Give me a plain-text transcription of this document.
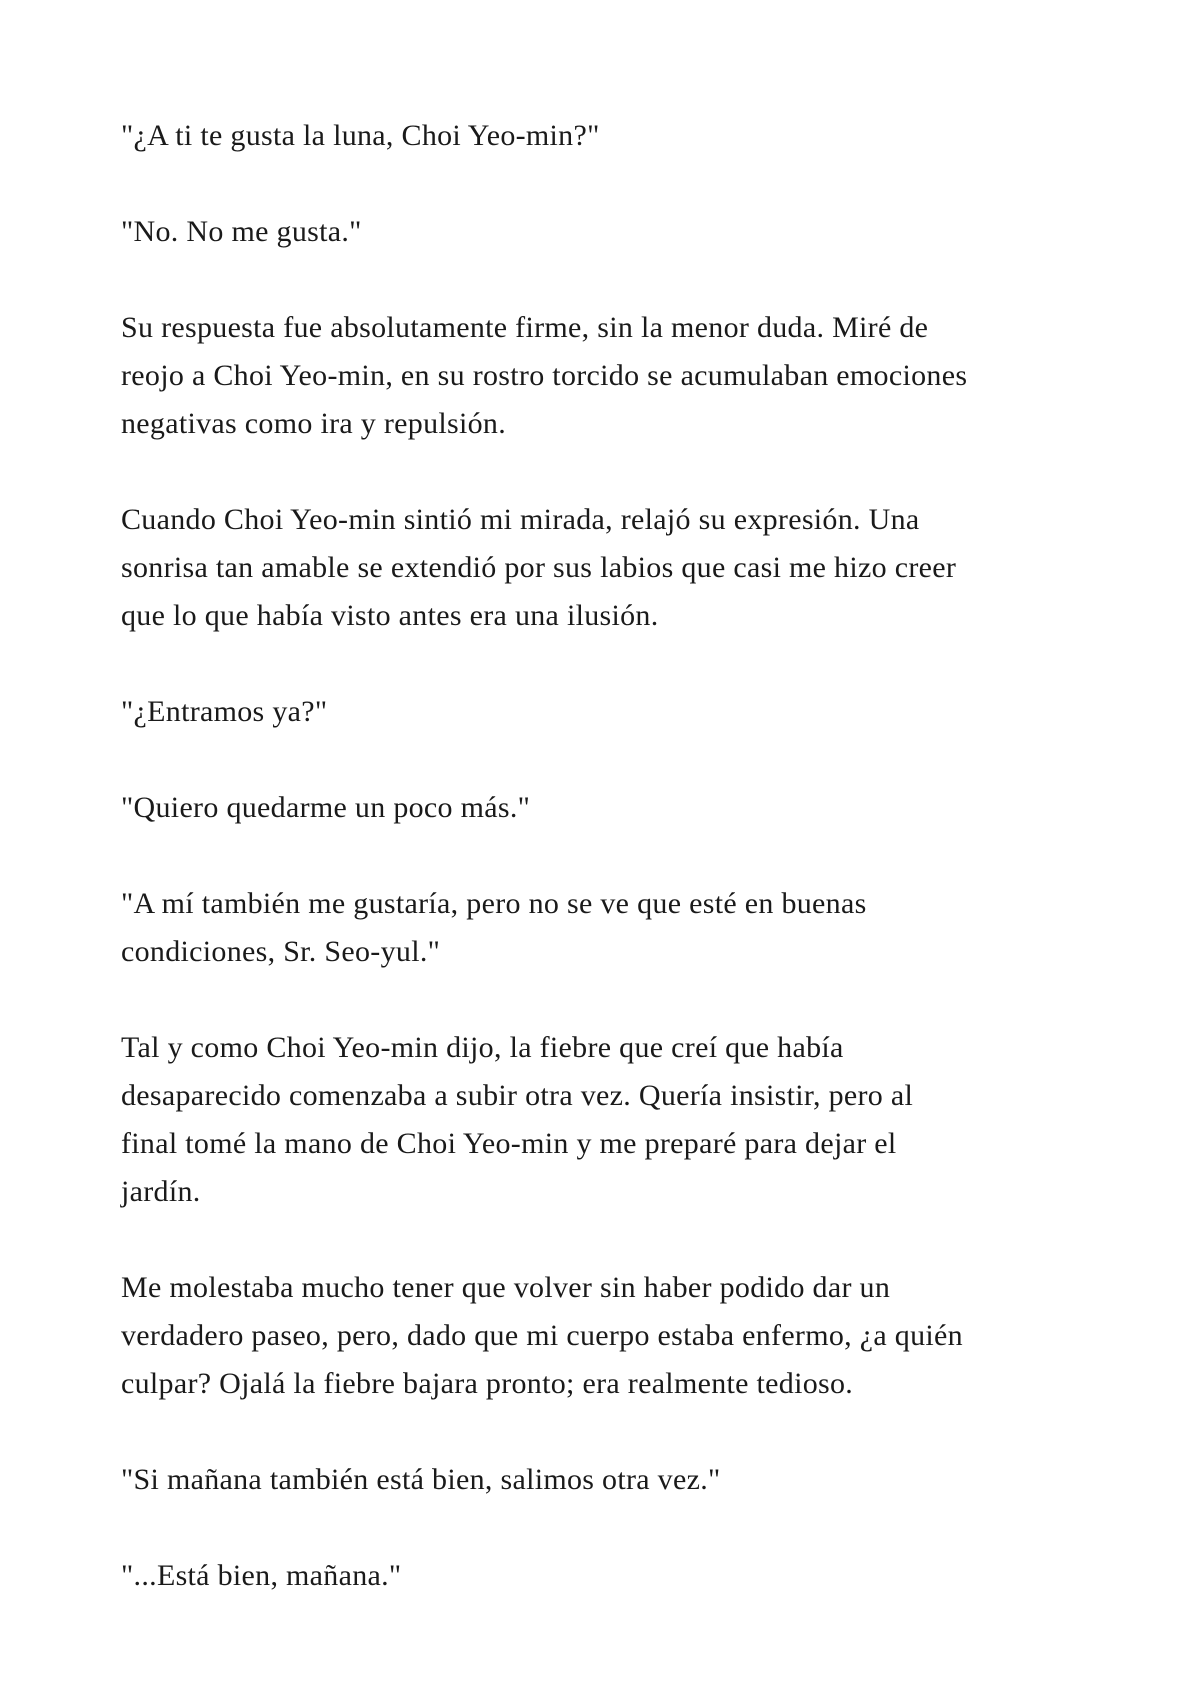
"¿A ti te gusta la luna, Choi Yeo-min?"
"No. No me gusta."
Su respuesta fue absolutamente firme, sin la menor duda. Miré de
reojo a Choi Yeo-min, en su rostro torcido se acumulaban emociones
negativas como ira y repulsión.
Cuando Choi Yeo-min sintió mi mirada, relajó su expresión. Una
sonrisa tan amable se extendió por sus labios que casi me hizo creer
que lo que había visto antes era una ilusión.
"¿Entramos ya?"
"Quiero quedarme un poco más."
"A mí también me gustaría, pero no se ve que esté en buenas
condiciones, Sr. Seo-yul."
Tal y como Choi Yeo-min dijo, la fiebre que creí que había
desaparecido comenzaba a subir otra vez. Quería insistir, pero al
final tomé la mano de Choi Yeo-min y me preparé para dejar el
jardín.
Me molestaba mucho tener que volver sin haber podido dar un
verdadero paseo, pero, dado que mi cuerpo estaba enfermo, ¿a quién
culpar? Ojalá la fiebre bajara pronto; era realmente tedioso.
"Si mañana también está bien, salimos otra vez."
"...Está bien, mañana."
